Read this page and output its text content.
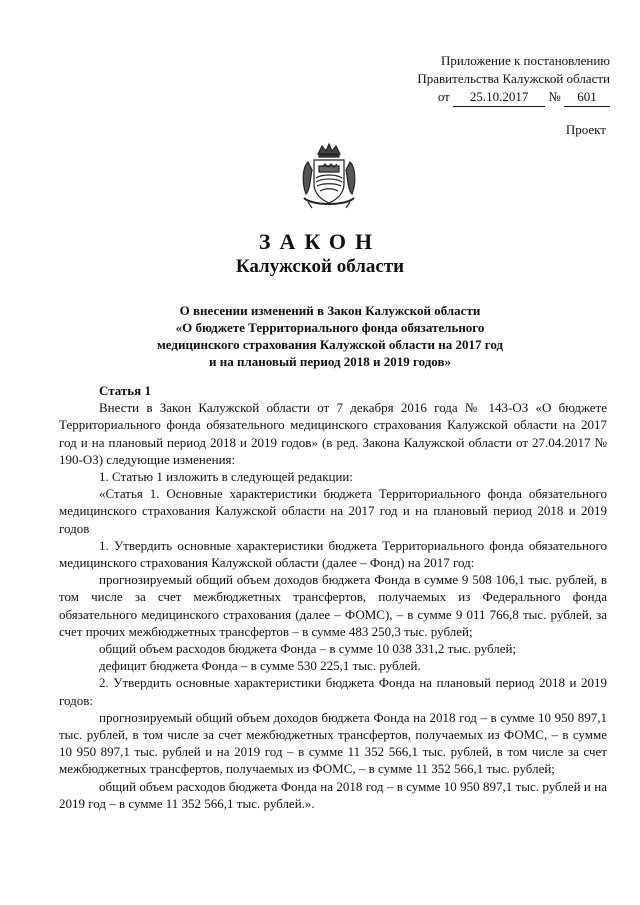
Приложение к постановлению
Правительства Калужской области
от 25.10.2017 № 601
Проект
ЗАКОН
Калужской области
О внесении изменений в Закон Калужской области
«О бюджете Территориального фонда обязательного
медицинского страхования Калужской области на 2017 год
и на плановый период 2018 и 2019 годов»

Статья 1

Внести в Закон Калужской области от 7 декабря 2016 года № 143-ОЗ «О бюджете Территориального фонда обязательного медицинского страхования Калужской области на 2017 год и на плановый период 2018 и 2019 годов» (в ред. Закона Калужской области от 27.04.2017 № 190-ОЗ) следующие изменения:

1. Статью 1 изложить в следующей редакции:

«Статья 1. Основные характеристики бюджета Территориального фонда обязательного медицинского страхования Калужской области на 2017 год и на плановый период 2018 и 2019 годов

1. Утвердить основные характеристики бюджета Территориального фонда обязательного медицинского страхования Калужской области (далее – Фонд) на 2017 год:

прогнозируемый общий объем доходов бюджета Фонда в сумме 9 508 106,1 тыс. рублей, в том числе за счет межбюджетных трансфертов, получаемых из Федерального фонда обязательного медицинского страхования (далее – ФОМС), – в сумме 9 011 766,8 тыс. рублей, за счет прочих межбюджетных трансфертов – в сумме 483 250,3 тыс. рублей;

общий объем расходов бюджета Фонда – в сумме 10 038 331,2 тыс. рублей;

дефицит бюджета Фонда – в сумме 530 225,1 тыс. рублей.

2. Утвердить основные характеристики бюджета Фонда на плановый период 2018 и 2019 годов:

прогнозируемый общий объем доходов бюджета Фонда на 2018 год – в сумме 10 950 897,1 тыс. рублей, в том числе за счет межбюджетных трансфертов, получаемых из ФОМС, – в сумме 10 950 897,1 тыс. рублей и на 2019 год – в сумме 11 352 566,1 тыс. рублей, в том числе за счет межбюджетных трансфертов, получаемых из ФОМС, – в сумме 11 352 566,1 тыс. рублей;

общий объем расходов бюджета Фонда на 2018 год – в сумме 10 950 897,1 тыс. рублей и на 2019 год – в сумме 11 352 566,1 тыс. рублей.».
